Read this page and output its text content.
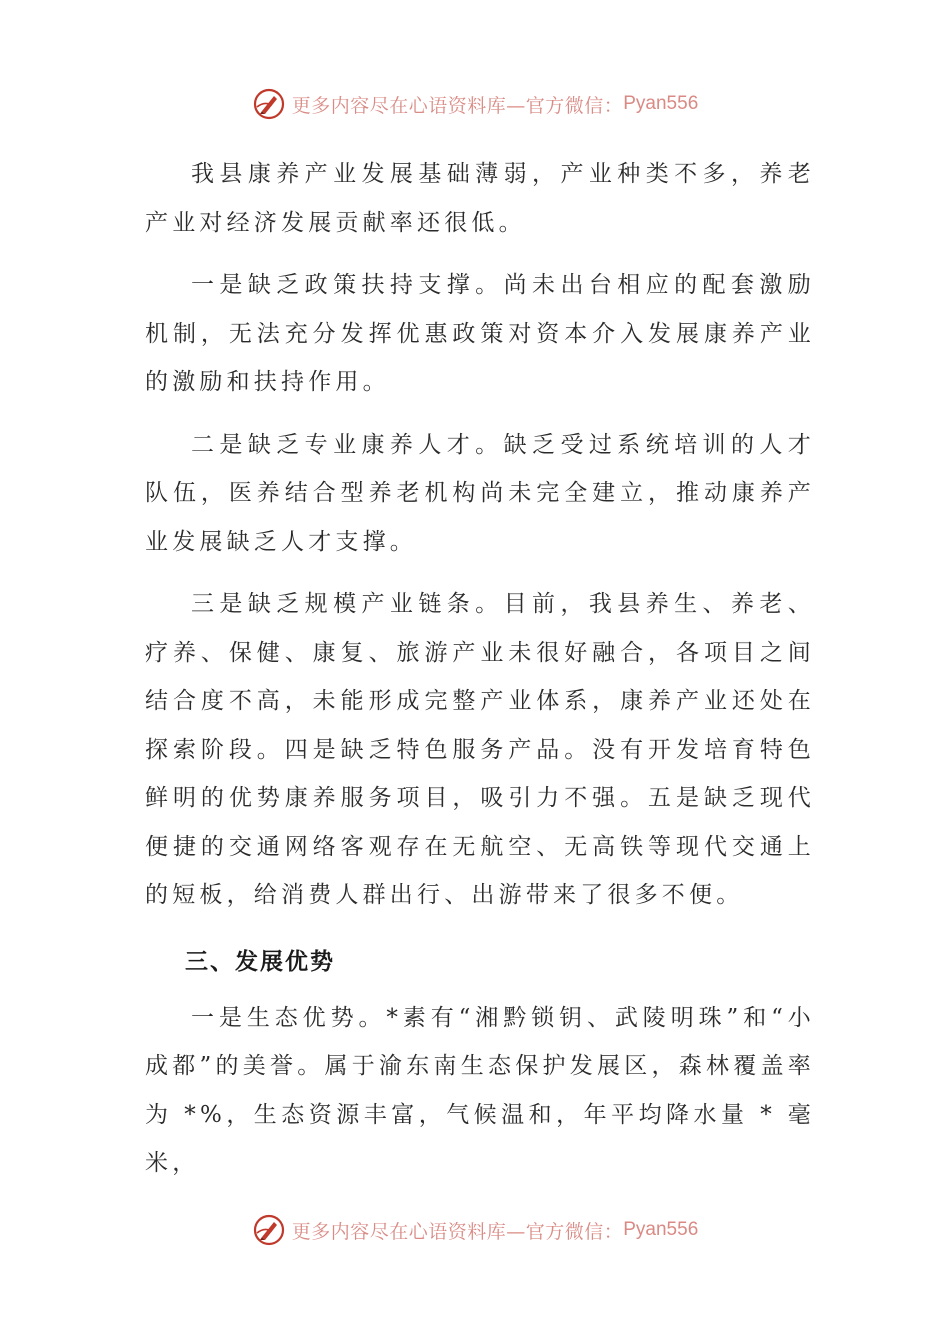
更多内容尽在心语资料库—官方微信： Pyan556

我县康养产业发展基础薄弱，产业种类不多，养老产业对经济发展贡献率还很低。

一是缺乏政策扶持支撑。尚未出台相应的配套激励机制，无法充分发挥优惠政策对资本介入发展康养产业的激励和扶持作用。

二是缺乏专业康养人才。缺乏受过系统培训的人才队伍，医养结合型养老机构尚未完全建立，推动康养产业发展缺乏人才支撑。

三是缺乏规模产业链条。目前，我县养生、养老、疗养、保健、康复、旅游产业未很好融合，各项目之间结合度不高，未能形成完整产业体系，康养产业还处在探索阶段。四是缺乏特色服务产品。没有开发培育特色鲜明的优势康养服务项目，吸引力不强。五是缺乏现代便捷的交通网络客观存在无航空、无高铁等现代交通上的短板，给消费人群出行、出游带来了很多不便。

三、发展优势

一是生态优势。*素有“湘黔锁钥、武陵明珠”和“小成都”的美誉。属于渝东南生态保护发展区，森林覆盖率为 *%，生态资源丰富，气候温和，年平均降水量 * 毫米，

更多内容尽在心语资料库—官方微信： Pyan556
